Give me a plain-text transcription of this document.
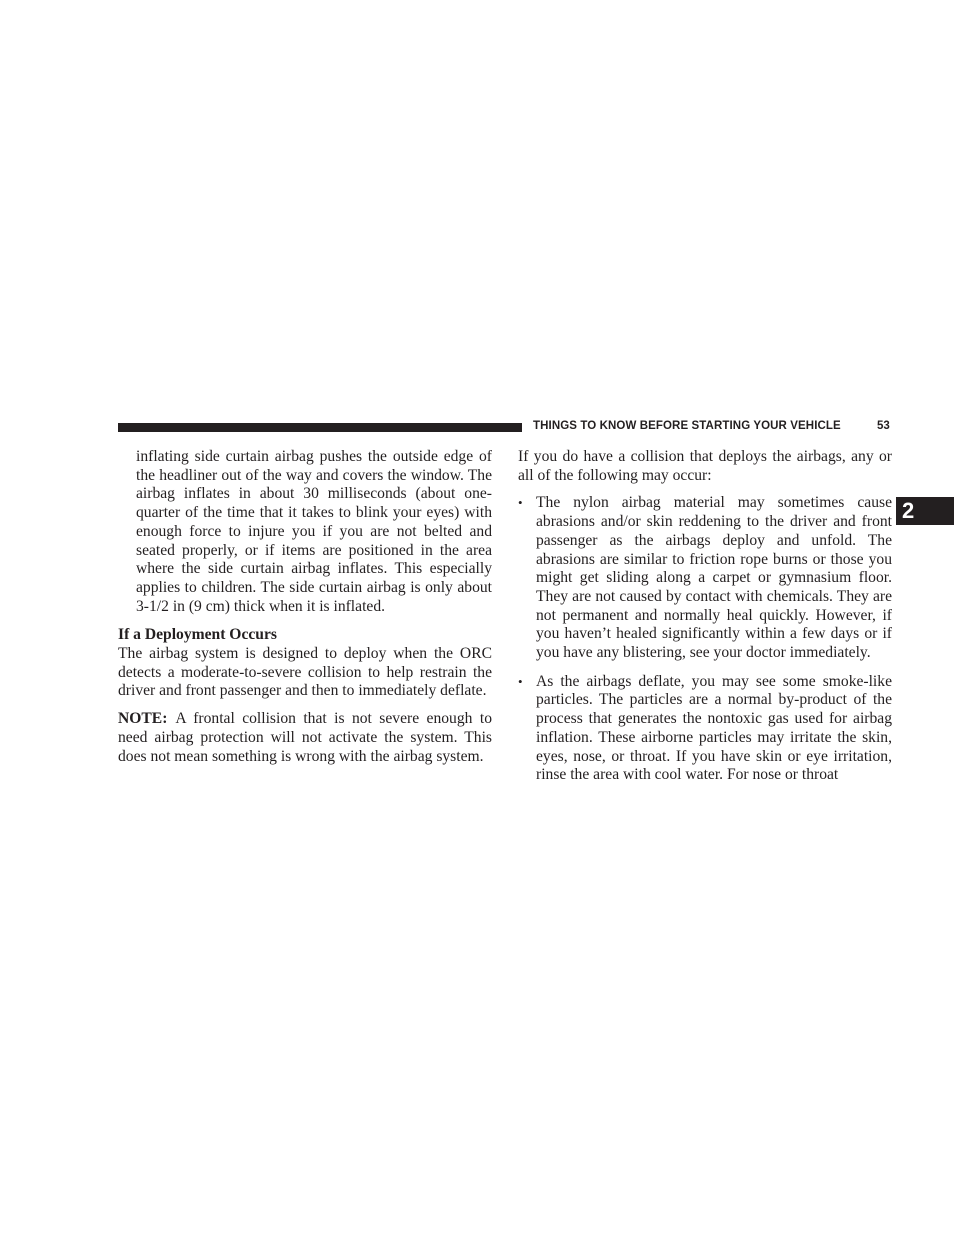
THINGS TO KNOW BEFORE STARTING YOUR VEHICLE	53
2

inflating side curtain airbag pushes the outside edge of the headliner out of the way and covers the window. The airbag inflates in about 30 milliseconds (about one-quarter of the time that it takes to blink your eyes) with enough force to injure you if you are not belted and seated properly, or if items are positioned in the area where the side curtain airbag inflates. This especially applies to children. The side curtain airbag is only about 3-1/2 in (9 cm) thick when it is inflated.

If a Deployment Occurs

The airbag system is designed to deploy when the ORC detects a moderate-to-severe collision to help restrain the driver and front passenger and then to immediately deflate.

NOTE: A frontal collision that is not severe enough to need airbag protection will not activate the system. This does not mean something is wrong with the airbag system.

If you do have a collision that deploys the airbags, any or all of the following may occur:

• The nylon airbag material may sometimes cause abrasions and/or skin reddening to the driver and front passenger as the airbags deploy and unfold. The abrasions are similar to friction rope burns or those you might get sliding along a carpet or gymnasium floor. They are not caused by contact with chemicals. They are not permanent and normally heal quickly. However, if you haven’t healed significantly within a few days or if you have any blistering, see your doctor immediately.
• As the airbags deflate, you may see some smoke-like particles. The particles are a normal by-product of the process that generates the nontoxic gas used for airbag inflation. These airborne particles may irritate the skin, eyes, nose, or throat. If you have skin or eye irritation, rinse the area with cool water. For nose or throat
